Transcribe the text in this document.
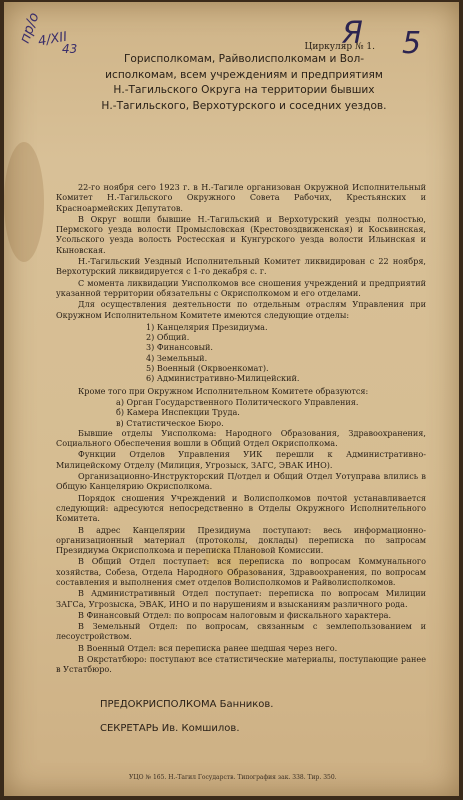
пр/о
4/XII
43	Я 5
Циркуляр № 1.
Горисполкомам, Райволисполкомам и Вол-
исполкомам, всем учреждениям и предприятиям
Н.-Тагильского Округа на территории бывших
Н.-Тагильского, Верхотурского и соседних уездов.

22-го ноября сего 1923 г. в Н.-Тагиле организован Окружной Исполнительный Комитет Н.-Тагильского Окружного Совета Рабочих, Крестьянских и Красноармейских Депутатов.

В Округ вошли бывшие Н.-Тагильский и Верхотурский уезды полностью, Пермского уезда волости Промысловская (Крестовоздвиженская) и Косьвинская, Усольского уезда волость Ростесская и Кунгурского уезда волости Ильинская и Кыновская.

Н.-Тагильский Уездный Исполнительный Комитет ликвидирован с 22 ноября, Верхотурский ликвидируется с 1-го декабря с. г.

С момента ликвидации Уисполкомов все сношения учреждений и предприятий указанной территории обязательны с Окрисполкомом и его отделами.

Для осуществления деятельности по отдельным отраслям Управления при Окружном Исполнительном Комитете имеются следующие отделы:

1) Канцелярия Президиума.
2) Общий.
3) Финансовый.
4) Земельный.
5) Военный (Окрвоенкомат).
6) Административно-Милицейский.

Кроме того при Окружном Исполнительном Комитете образуются:

а) Орган Государственного Политического Управления.
б) Камера Инспекции Труда.
в) Статистическое Бюро.

Бывшие отделы Уисполкома: Народного Образования, Здравоохранения, Социального Обеспечения вошли в Общий Отдел Окрисполкома.

Функции Отделов Управления УИК перешли к Административно-Милицейскому Отделу (Милиция, Угрозыск, ЗАГС, ЭВАК ИНО).

Организационно-Инструкторский П/отдел и Общий Отдел Уотуправа влились в Общую Канцелярию Окрисполкома.

Порядок сношения Учреждений и Волисполкомов почтой устанавливается следующий: адресуются непосредственно в Отделы Окружного Исполнительного Комитета.

В адрес Канцелярии Президиума поступают: весь информационно-организационный материал (протоколы, доклады) переписка по запросам Президиума Окрисполкома и переписка Плановой Комиссии.

В Общий Отдел поступает: вся переписка по вопросам Коммунального хозяйства, Собеза, Отдела Народного Образования, Здравоохранения, по вопросам составления и выполнения смет отделов Волисполкомов и Райволисполкомов.

В Административный Отдел поступает: переписка по вопросам Милиции ЗАГСа, Угрозыска, ЭВАК, ИНО и по нарушениям и взысканиям различного рода.

В Финансовый Отдел: по вопросам налоговым и фискального характера.

В Земельный Отдел: по вопросам, связанным с землепользованием и лесоустройством.

В Военный Отдел: вся переписка ранее шедшая через него.

В Окрстатбюро: поступают все статистические материалы, поступающие ранее в Устатбюро.

ПРЕДОКРИСПОЛКОМА Банников.
СЕКРЕТАРЬ Ив. Комшилов.
УЦО № 165. Н.-Тагил Государств. Типография зак. 338. Тир. 350.
